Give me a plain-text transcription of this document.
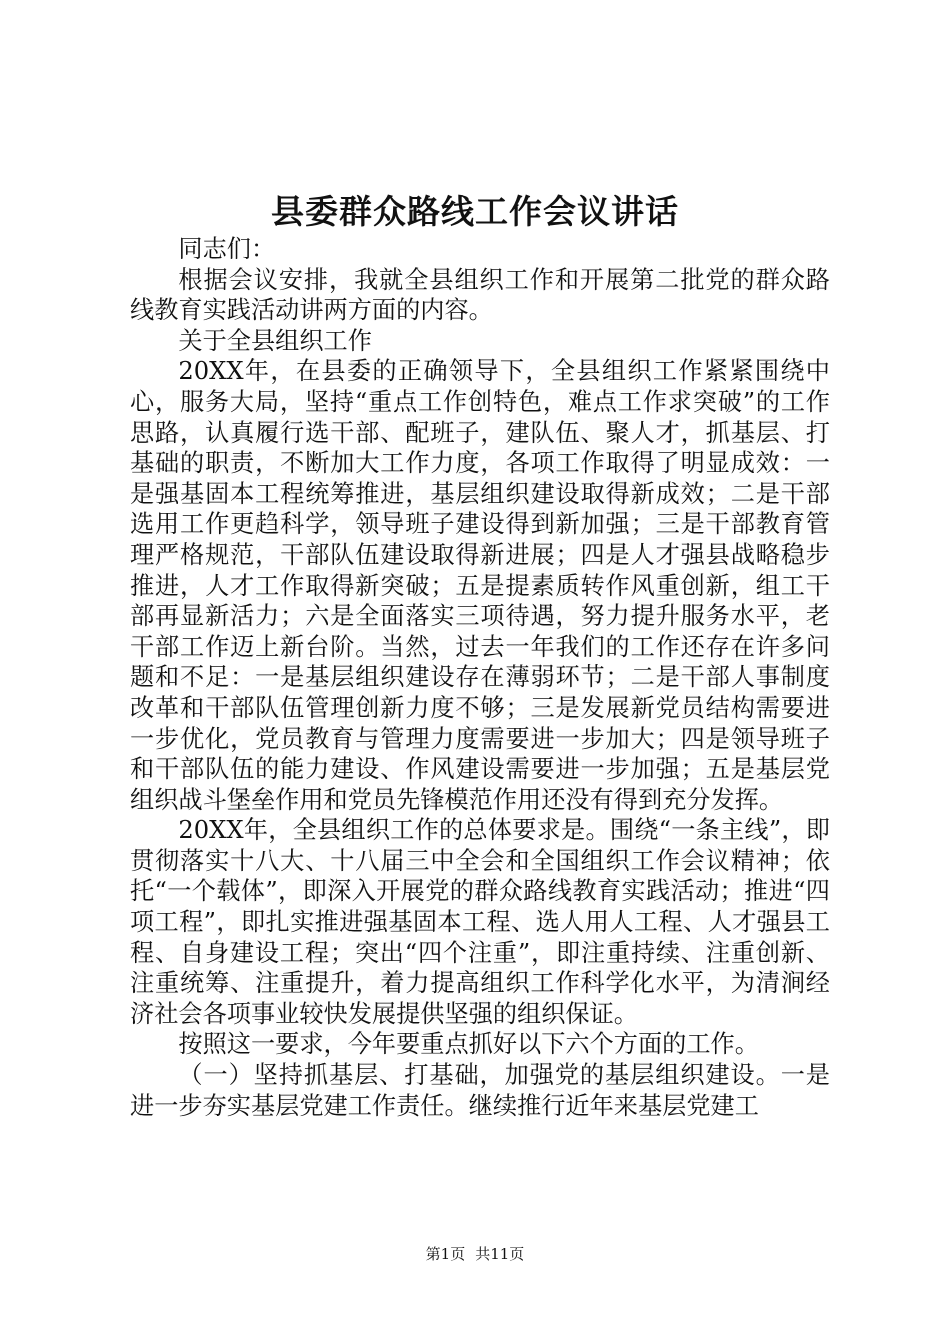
县委群众路线工作会议讲话

同志们：

根据会议安排，我就全县组织工作和开展第二批党的群众路线教育实践活动讲两方面的内容。

关于全县组织工作

20XX年，在县委的正确领导下，全县组织工作紧紧围绕中心，服务大局，坚持“重点工作创特色，难点工作求突破”的工作思路，认真履行选干部、配班子，建队伍、聚人才，抓基层、打基础的职责，不断加大工作力度，各项工作取得了明显成效：一是强基固本工程统筹推进，基层组织建设取得新成效；二是干部选用工作更趋科学，领导班子建设得到新加强；三是干部教育管理严格规范，干部队伍建设取得新进展；四是人才强县战略稳步推进，人才工作取得新突破；五是提素质转作风重创新，组工干部再显新活力；六是全面落实三项待遇，努力提升服务水平，老干部工作迈上新台阶。当然，过去一年我们的工作还存在许多问题和不足：一是基层组织建设存在薄弱环节；二是干部人事制度改革和干部队伍管理创新力度不够；三是发展新党员结构需要进一步优化，党员教育与管理力度需要进一步加大；四是领导班子和干部队伍的能力建设、作风建设需要进一步加强；五是基层党组织战斗堡垒作用和党员先锋模范作用还没有得到充分发挥。

20XX年，全县组织工作的总体要求是。围绕“一条主线”，即贯彻落实十八大、十八届三中全会和全国组织工作会议精神；依托“一个载体”，即深入开展党的群众路线教育实践活动；推进“四项工程”，即扎实推进强基固本工程、选人用人工程、人才强县工程、自身建设工程；突出“四个注重”，即注重持续、注重创新、注重统筹、注重提升，着力提高组织工作科学化水平，为清涧经济社会各项事业较快发展提供坚强的组织保证。

按照这一要求，今年要重点抓好以下六个方面的工作。

（一）坚持抓基层、打基础，加强党的基层组织建设。一是进一步夯实基层党建工作责任。继续推行近年来基层党建工

第1页 共11页
